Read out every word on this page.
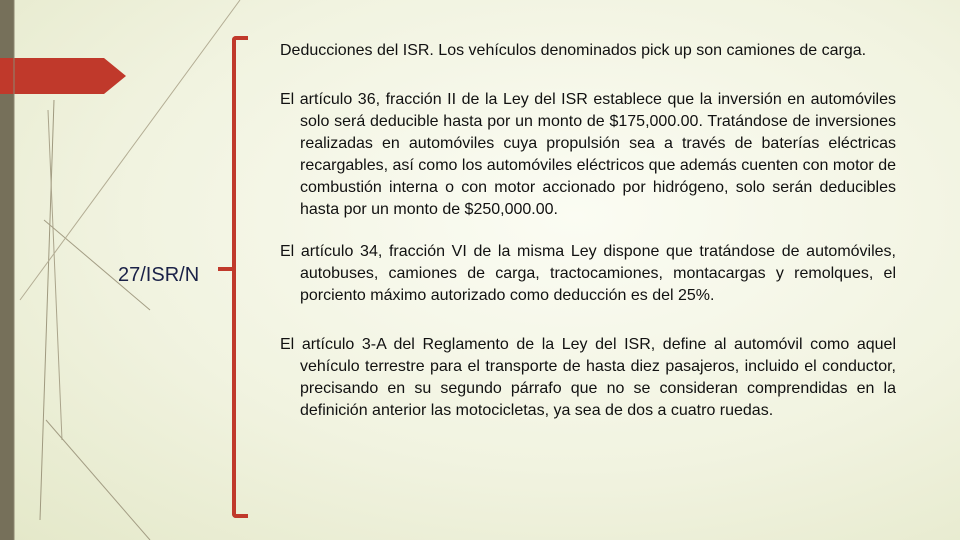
27/ISR/N

Deducciones del ISR. Los vehículos denominados pick up son camiones de carga.

El artículo 36, fracción II de la Ley del ISR establece que la inversión en automóviles solo será deducible hasta por un monto de $175,000.00. Tratándose de inversiones realizadas en automóviles cuya propulsión sea a través de baterías eléctricas recargables, así como los automóviles eléctricos que además cuenten con motor de combustión interna o con motor accionado por hidrógeno, solo serán deducibles hasta por un monto de $250,000.00.

El artículo 34, fracción VI de la misma Ley dispone que tratándose de automóviles, autobuses, camiones de carga, tractocamiones, montacargas y remolques, el porciento máximo autorizado como deducción es del 25%.

El artículo 3-A del Reglamento de la Ley del ISR, define al automóvil como aquel vehículo terrestre para el transporte de hasta diez pasajeros, incluido el conductor, precisando en su segundo párrafo que no se consideran comprendidas en la definición anterior las motocicletas, ya sea de dos a cuatro ruedas.
